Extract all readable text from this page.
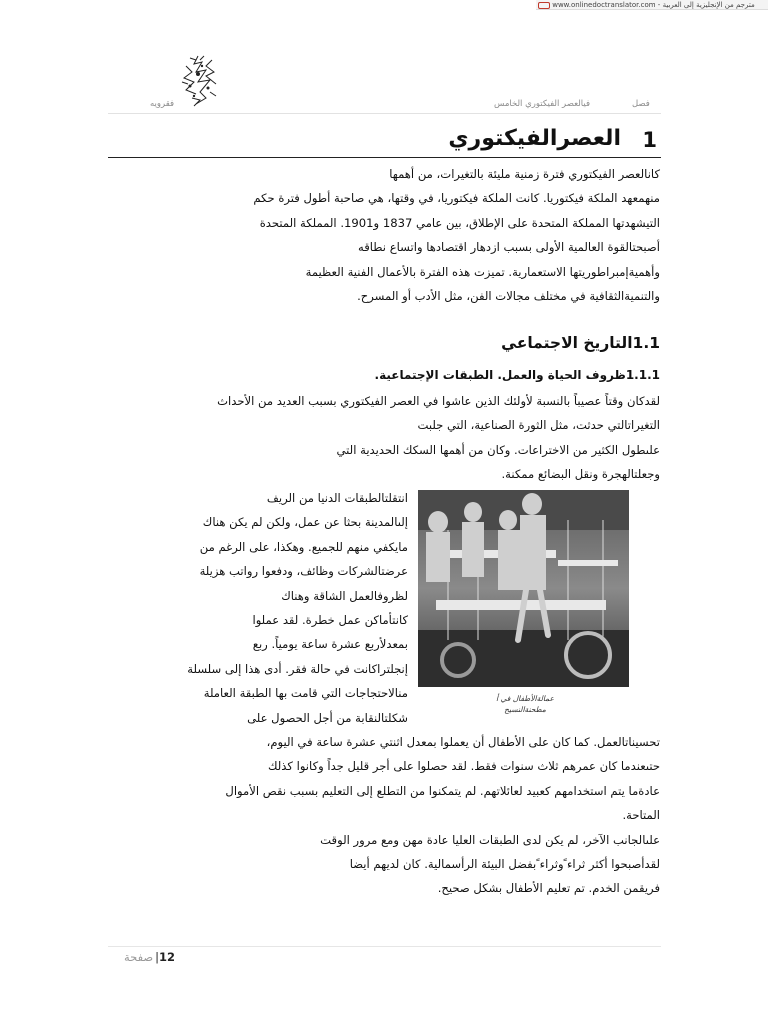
www.onlinedoctranslator.com - مترجم من الإنجليزية إلى العربية
فقرويه	فيالعصر الفيكتوري الخامس	فصل
1
العصرالفيكتوري

كانالعصر الفيكتوري فترة زمنية مليئة بالتغيرات، من أهمها

منهمعهد الملكة فيكتوريا. كانت الملكة فيكتوريا، في وقتها، هي صاحبة أطول فترة حكم

التيشهدتها المملكة المتحدة على الإطلاق، بين عامي 1837 و1901. المملكة المتحدة

أصبحتالقوة العالمية الأولى بسبب ازدهار اقتصادها واتساع نطاقه

وأهميةإمبراطوريتها الاستعمارية. تميزت هذه الفترة بالأعمال الفنية العظيمة

والتنميةالثقافية في مختلف مجالات الفن، مثل الأدب أو المسرح.

1.1التاريخ الاجتماعي
1.1.1ظروف الحياة والعمل. الطبقات الإجتماعية.

لقدكان وقتاً عصيباً بالنسبة لأولئك الذين عاشوا في العصر الفيكتوري بسبب العديد من الأحداث

التغيراتالتي حدثت، مثل الثورة الصناعية، التي جلبت

علىطول الكثير من الاختراعات. وكان من أهمها السكك الحديدية التي

وجعلتالهجرة ونقل البضائع ممكنة.

انتقلتالطبقات الدنيا من الريف

إلىالمدينة بحثا عن عمل، ولكن لم يكن هناك

مايكفي منهم للجميع. وهكذا، على الرغم من

عرضتالشركات وظائف، ودفعوا رواتب هزيلة

لظروفالعمل الشاقة وهناك

كانتأماكن عمل خطرة. لقد عملوا

بمعدلأربع عشرة ساعة يومياً. ربع

إنجلتراكانت في حالة فقر. أدى هذا إلى سلسلة

منالاحتجاجات التي قامت بها الطبقة العاملة

شكلتالنقابة من أجل الحصول على

عمالةالأطفال في أ
مطحنةالنسيج

تحسيناتالعمل. كما كان على الأطفال أن يعملوا بمعدل اثنتي عشرة ساعة في اليوم،

حتىعندما كان عمرهم ثلاث سنوات فقط. لقد حصلوا على أجر قليل جداً وكانوا كذلك

عادةما يتم استخدامهم كعبيد لعائلاتهم. لم يتمكنوا من التطلع إلى التعليم بسبب نقص الأموال

المتاحة.

علىالجانب الآخر، لم يكن لدى الطبقات العليا عادة مهن ومع مرور الوقت

لقدأصبحوا أكثر ثراء ًوثراء ًبفضل البيئة الرأسمالية. كان لديهم أيضا

فريقمن الخدم. تم تعليم الأطفال بشكل صحيح.

12|صفحة
